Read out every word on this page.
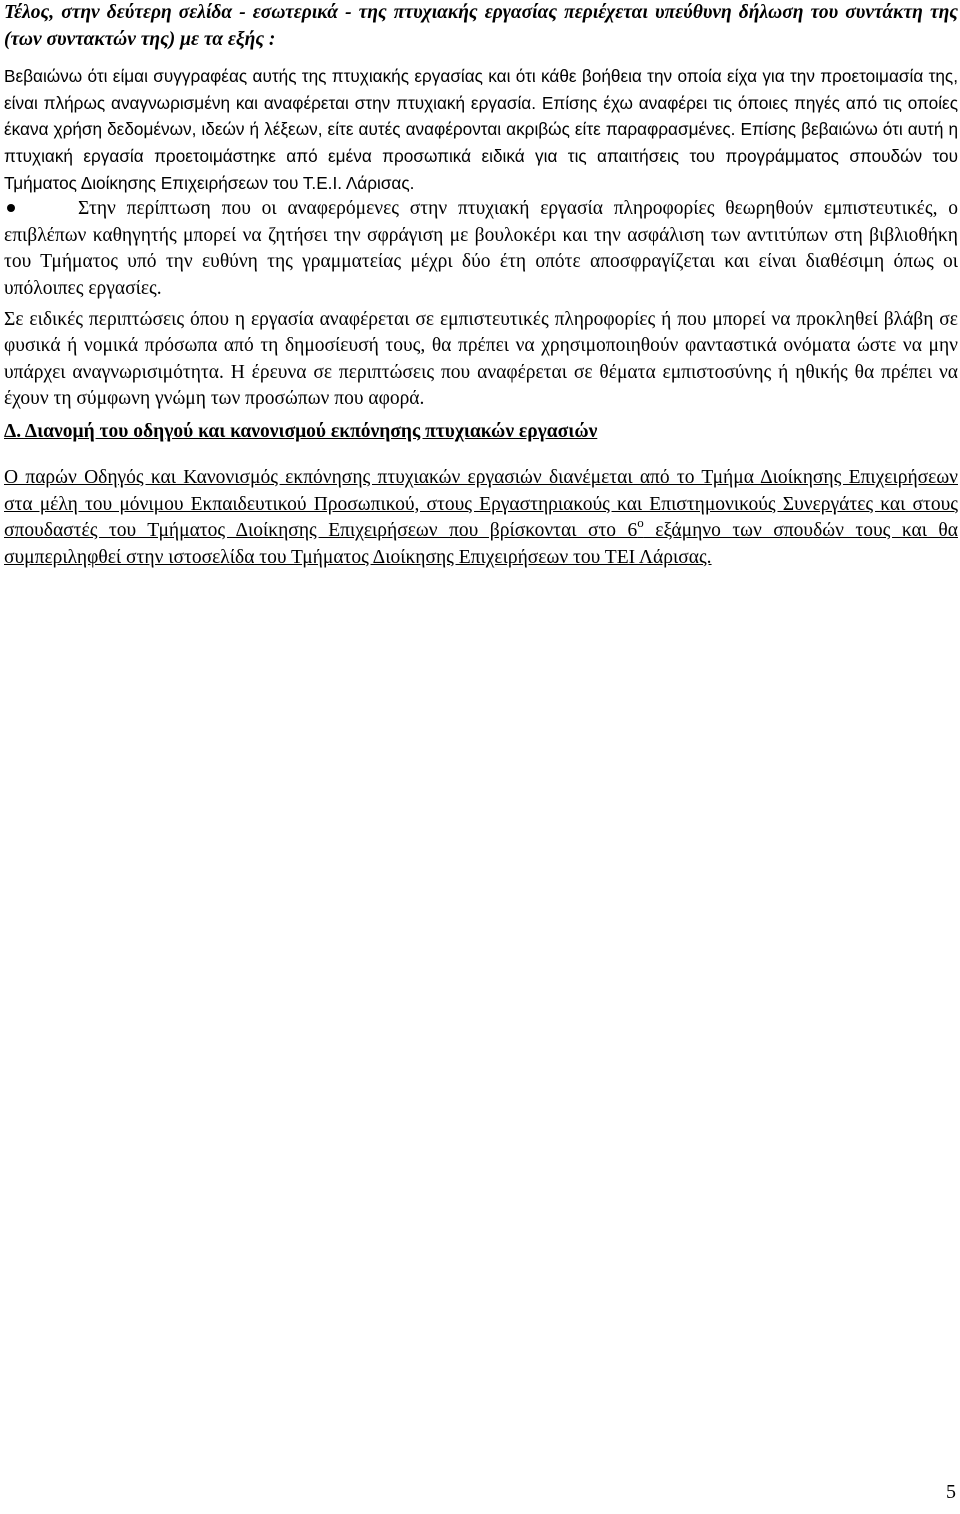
Τέλος, στην δεύτερη σελίδα - εσωτερικά - της πτυχιακής εργασίας περιέχεται υπεύθυνη δήλωση του συντάκτη της (των συντακτών της) με τα εξής :

Βεβαιώνω ότι είμαι συγγραφέας αυτής της πτυχιακής εργασίας και ότι κάθε βοήθεια την οποία είχα για την προετοιμασία της, είναι πλήρως αναγνωρισμένη και αναφέρεται στην πτυχιακή εργασία. Επίσης έχω αναφέρει τις όποιες πηγές από τις οποίες έκανα χρήση δεδομένων, ιδεών ή λέξεων, είτε αυτές αναφέρονται ακριβώς είτε παραφρασμένες. Επίσης βεβαιώνω ότι αυτή η πτυχιακή εργασία προετοιμάστηκε από εμένα προσωπικά ειδικά για τις απαιτήσεις του προγράμματος σπουδών του Τμήματος Διοίκησης Επιχειρήσεων του Τ.Ε.Ι. Λάρισας.

Στην περίπτωση που οι αναφερόμενες στην πτυχιακή εργασία πληροφορίες θεωρηθούν εμπιστευτικές, ο επιβλέπων καθηγητής μπορεί να ζητήσει την σφράγιση με βουλοκέρι και την ασφάλιση των αντιτύπων στη βιβλιοθήκη του Τμήματος υπό την ευθύνη της γραμματείας μέχρι δύο έτη οπότε αποσφραγίζεται και είναι διαθέσιμη όπως οι υπόλοιπες εργασίες.

Σε ειδικές περιπτώσεις όπου η εργασία αναφέρεται σε εμπιστευτικές πληροφορίες ή που μπορεί να προκληθεί βλάβη σε φυσικά ή νομικά πρόσωπα από τη δημοσίευσή τους, θα πρέπει να χρησιμοποιηθούν φανταστικά ονόματα ώστε να μην υπάρχει αναγνωρισιμότητα. Η έρευνα σε περιπτώσεις που αναφέρεται σε θέματα εμπιστοσύνης ή ηθικής θα πρέπει να έχουν τη σύμφωνη γνώμη των προσώπων που αφορά.

Δ. Διανομή του οδηγού και κανονισμού εκπόνησης πτυχιακών εργασιών

Ο παρών Οδηγός και Κανονισμός εκπόνησης πτυχιακών εργασιών διανέμεται από το Τμήμα Διοίκησης Επιχειρήσεων στα μέλη του μόνιμου Εκπαιδευτικού Προσωπικού, στους Εργαστηριακούς και Επιστημονικούς Συνεργάτες και στους σπουδαστές του Τμήματος Διοίκησης Επιχειρήσεων που βρίσκονται στο $6^o$ εξάμηνο των σπουδών τους και θα συμπεριληφθεί στην ιστοσελίδα του Τμήματος Διοίκησης Επιχειρήσεων του ΤΕΙ Λάρισας.

5
